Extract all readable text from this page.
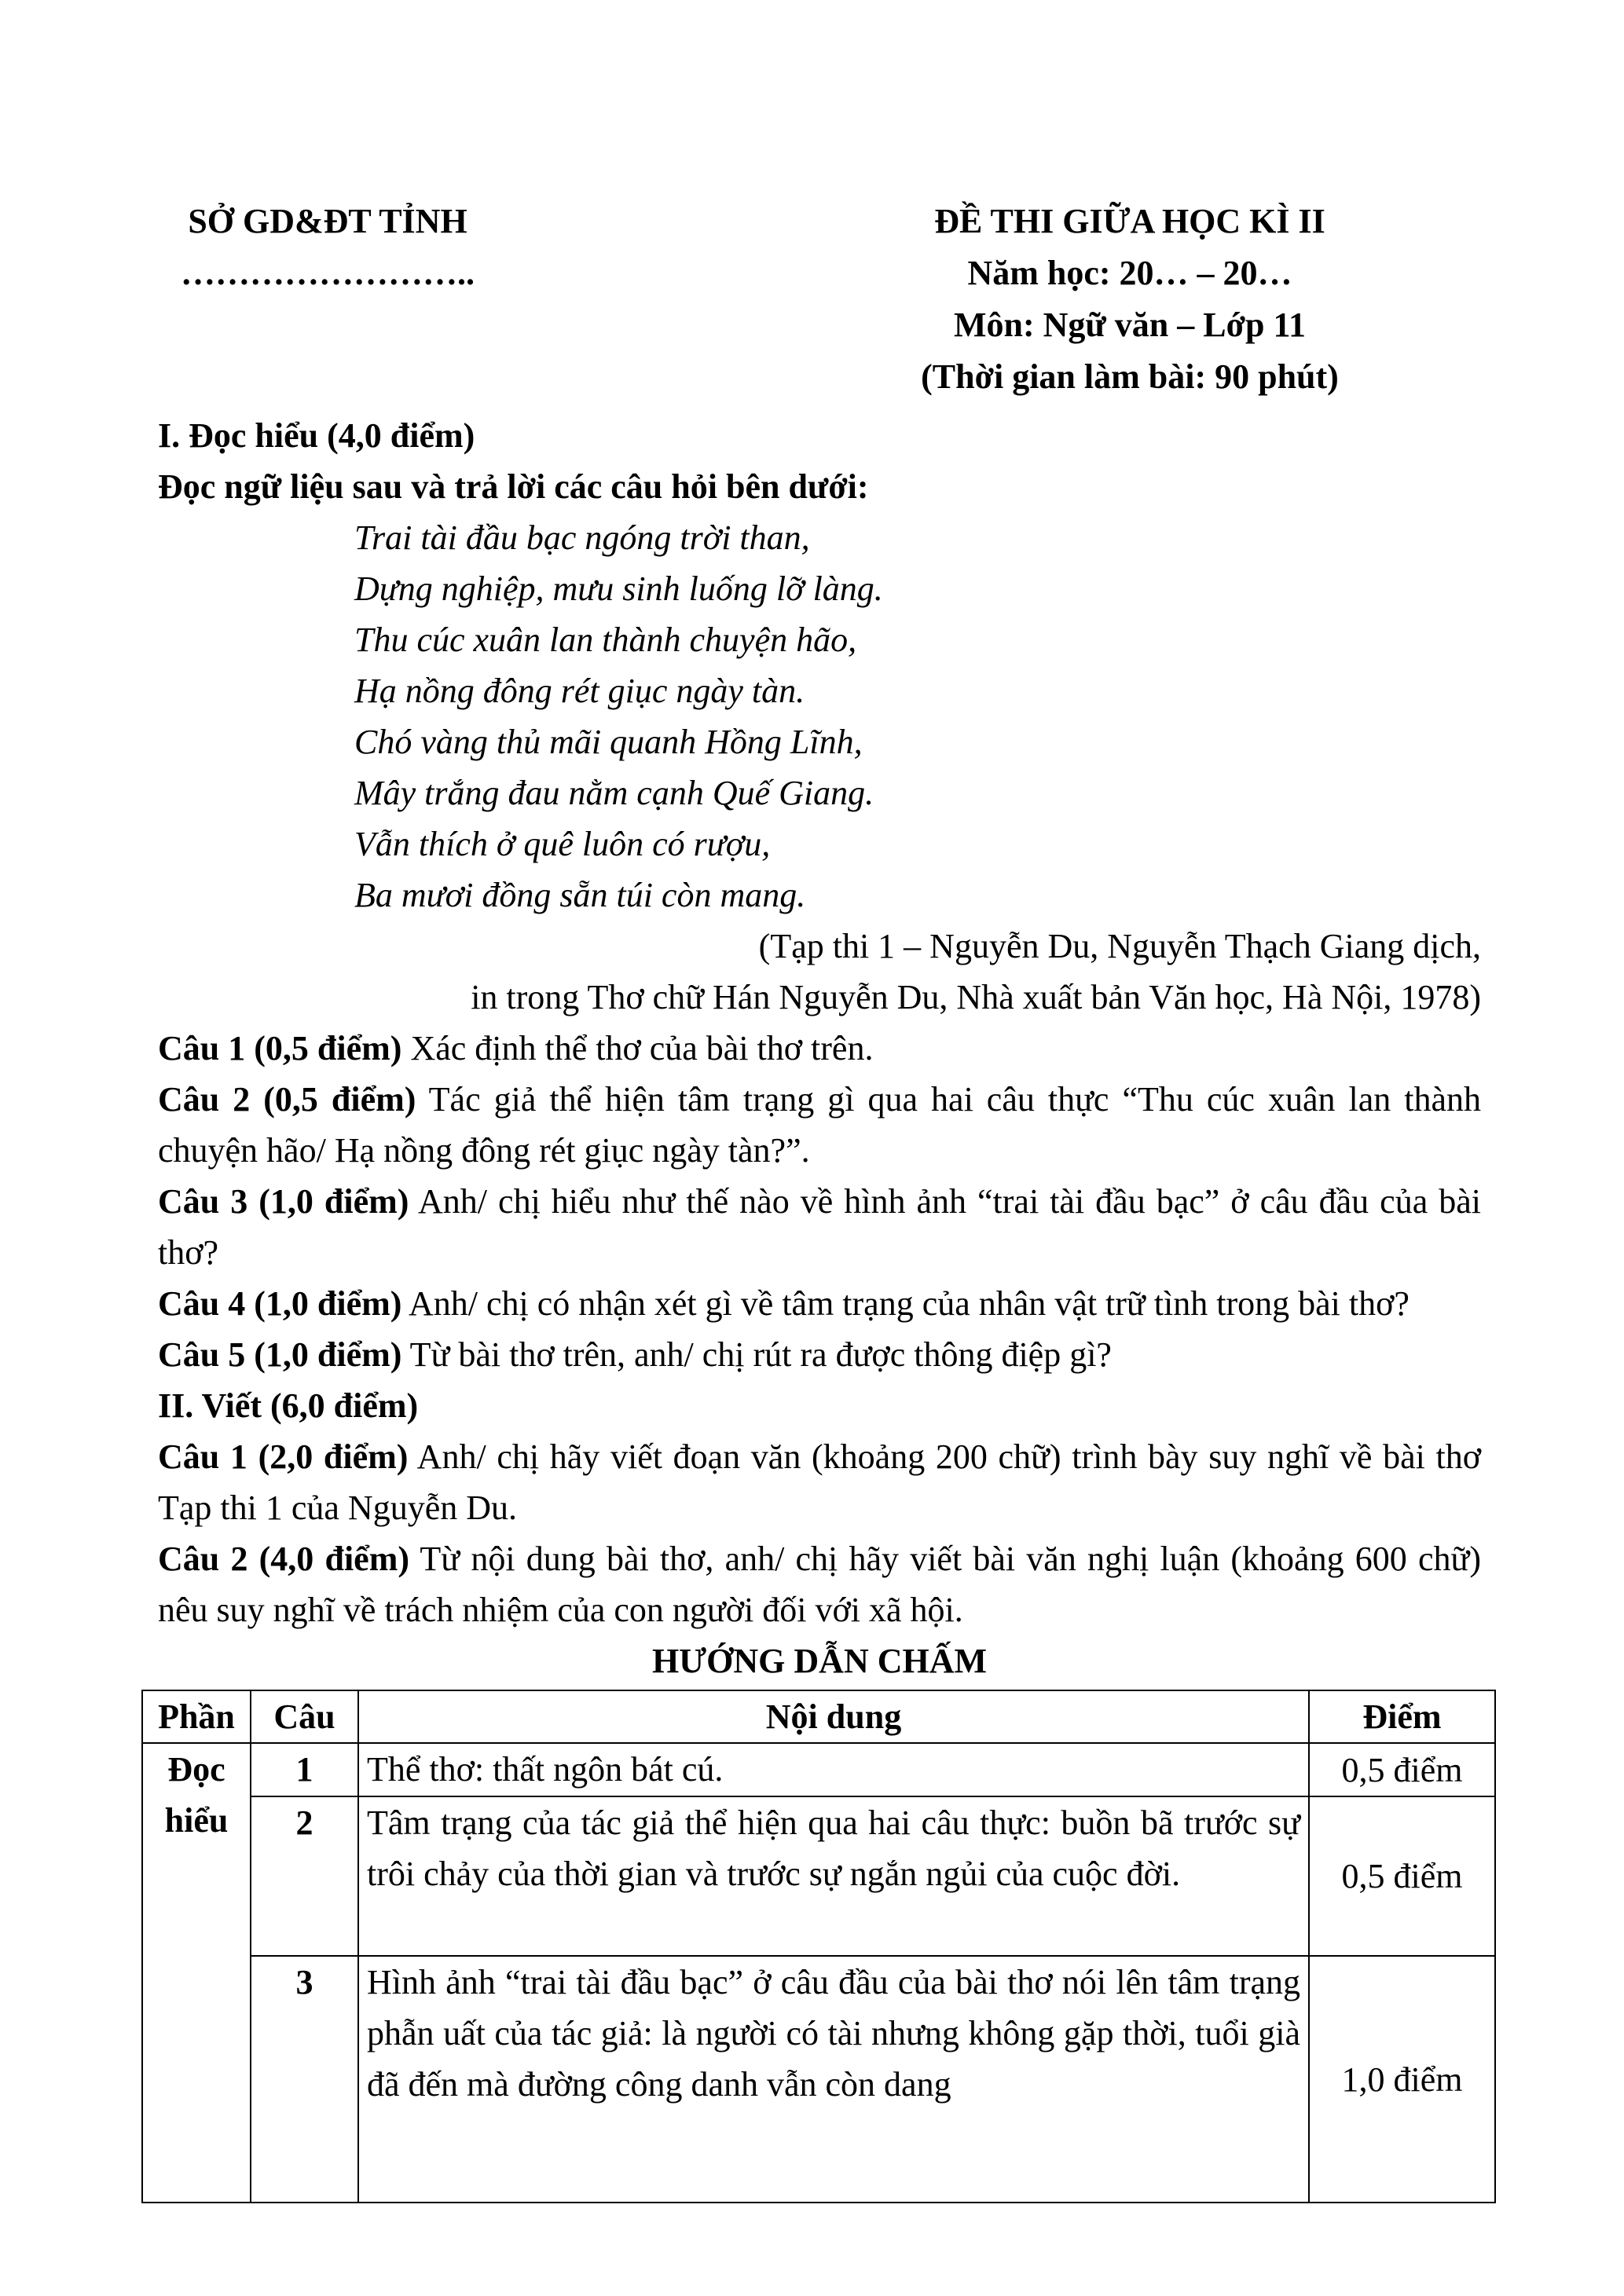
SỞ GD&ĐT TỈNH
……………………..
ĐỀ THI GIỮA HỌC KÌ II
Năm học: 20… – 20…
Môn: Ngữ văn – Lớp 11
(Thời gian làm bài: 90 phút)
I. Đọc hiểu (4,0 điểm)
Đọc ngữ liệu sau và trả lời các câu hỏi bên dưới:
Trai tài đầu bạc ngóng trời than,
Dựng nghiệp, mưu sinh luống lỡ làng.
Thu cúc xuân lan thành chuyện hão,
Hạ nồng đông rét giục ngày tàn.
Chó vàng thủ mãi quanh Hồng Lĩnh,
Mây trắng đau nằm cạnh Quế Giang.
Vẫn thích ở quê luôn có rượu,
Ba mươi đồng sẵn túi còn mang.
(Tạp thi 1 – Nguyễn Du, Nguyễn Thạch Giang dịch,
in trong Thơ chữ Hán Nguyễn Du, Nhà xuất bản Văn học, Hà Nội, 1978)
Câu 1 (0,5 điểm) Xác định thể thơ của bài thơ trên.
Câu 2 (0,5 điểm) Tác giả thể hiện tâm trạng gì qua hai câu thực “Thu cúc xuân lan thành chuyện hão/ Hạ nồng đông rét giục ngày tàn?”.
Câu 3 (1,0 điểm) Anh/ chị hiểu như thế nào về hình ảnh “trai tài đầu bạc” ở câu đầu của bài thơ?
Câu 4 (1,0 điểm) Anh/ chị có nhận xét gì về tâm trạng của nhân vật trữ tình trong bài thơ?
Câu 5 (1,0 điểm) Từ bài thơ trên, anh/ chị rút ra được thông điệp gì?
II. Viết (6,0 điểm)
Câu 1 (2,0 điểm) Anh/ chị hãy viết đoạn văn (khoảng 200 chữ) trình bày suy nghĩ về bài thơ Tạp thi 1 của Nguyễn Du.
Câu 2 (4,0 điểm) Từ nội dung bài thơ, anh/ chị hãy viết bài văn nghị luận (khoảng 600 chữ) nêu suy nghĩ về trách nhiệm của con người đối với xã hội.
HƯỚNG DẪN CHẤM
Phần	Câu	Nội dung	Điểm
Đọc hiểu	1	Thể thơ: thất ngôn bát cú.	0,5 điểm
	2	Tâm trạng của tác giả thể hiện qua hai câu thực: buồn bã trước sự trôi chảy của thời gian và trước sự ngắn ngủi của cuộc đời.	0,5 điểm
	3	Hình ảnh “trai tài đầu bạc” ở câu đầu của bài thơ nói lên tâm trạng phẫn uất của tác giả: là người có tài nhưng không gặp thời, tuổi già đã đến mà đường công danh vẫn còn dang	1,0 điểm
